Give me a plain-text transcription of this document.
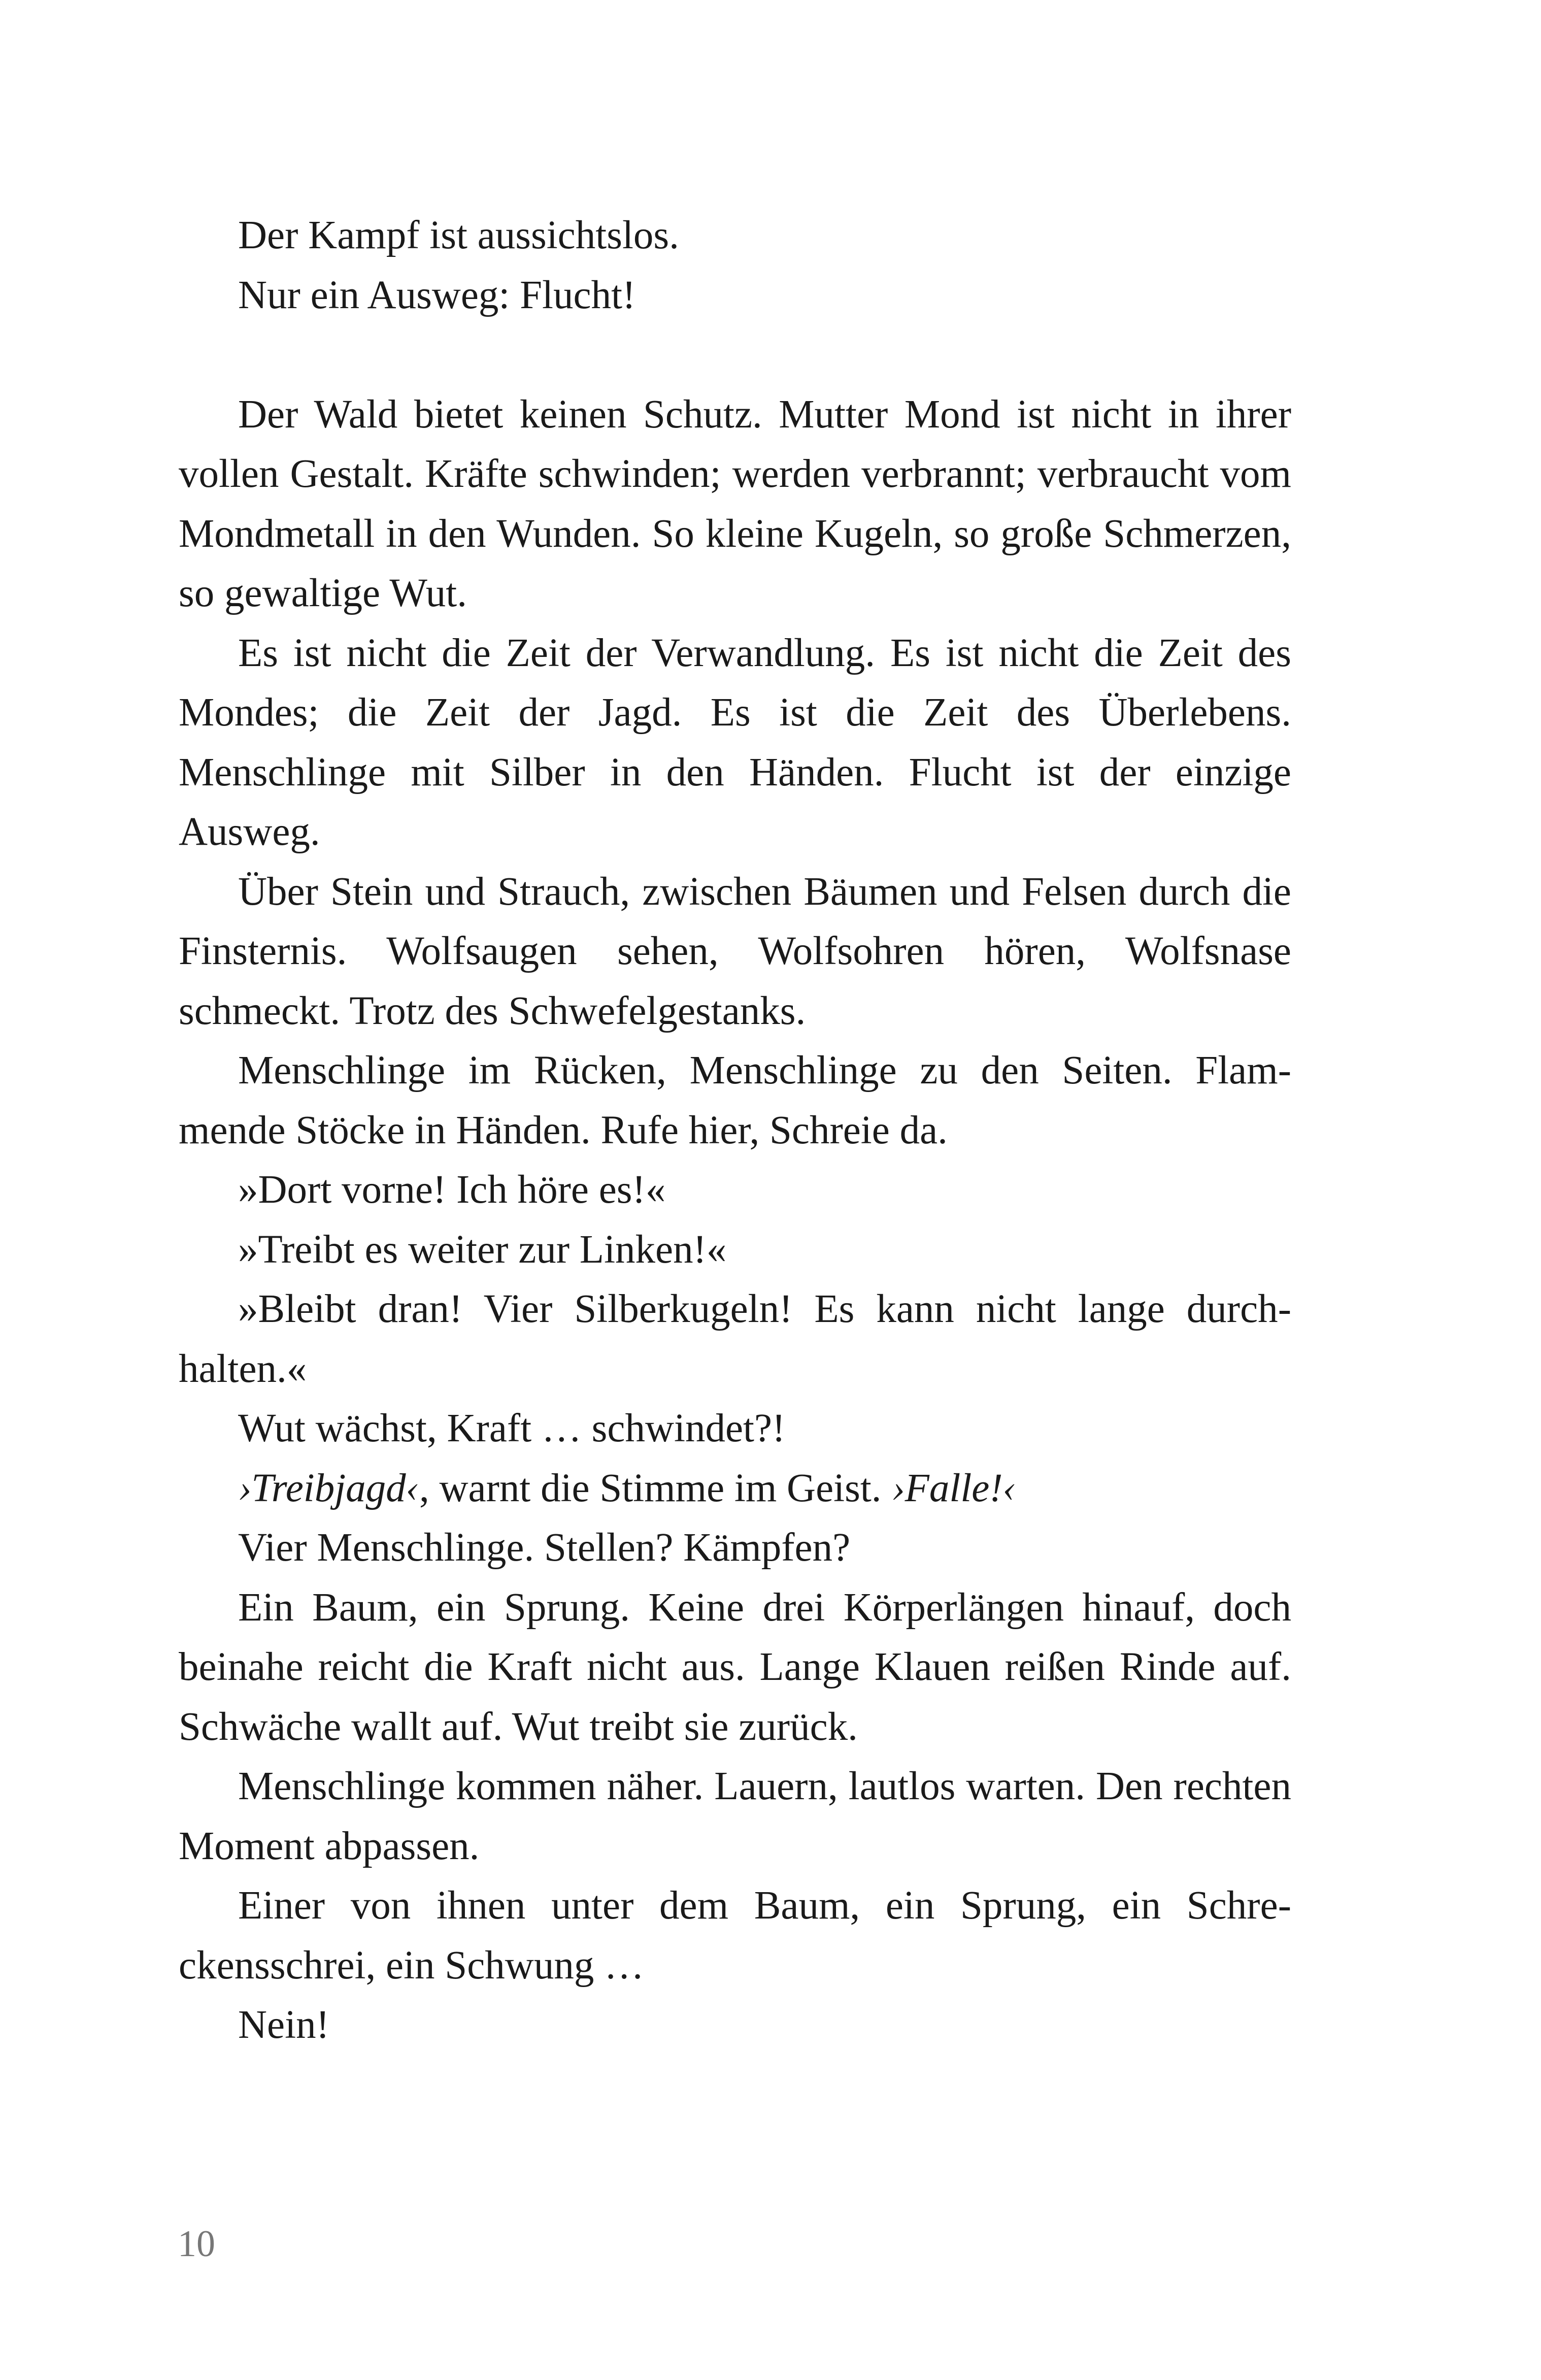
Der Kampf ist aussichtslos.

Nur ein Ausweg: Flucht!

Der Wald bietet keinen Schutz. Mutter Mond ist nicht in ihrer vollen Gestalt. Kräfte schwinden; werden verbrannt; verbraucht vom Mondmetall in den Wunden. So kleine Kugeln, so große Schmerzen, so gewaltige Wut.

Es ist nicht die Zeit der Verwandlung. Es ist nicht die Zeit des Mondes; die Zeit der Jagd. Es ist die Zeit des Überlebens. Menschlinge mit Silber in den Händen. Flucht ist der einzige Ausweg.

Über Stein und Strauch, zwischen Bäumen und Felsen durch die Finsternis. Wolfsaugen sehen, Wolfsohren hören, Wolfsnase schmeckt. Trotz des Schwefelgestanks.

Menschlinge im Rücken, Menschlinge zu den Seiten. Flammende Stöcke in Händen. Rufe hier, Schreie da.

»Dort vorne! Ich höre es!«

»Treibt es weiter zur Linken!«

»Bleibt dran! Vier Silberkugeln! Es kann nicht lange durchhalten.«

Wut wächst, Kraft … schwindet?!

›Treibjagd‹, warnt die Stimme im Geist. ›Falle!‹

Vier Menschlinge. Stellen? Kämpfen?

Ein Baum, ein Sprung. Keine drei Körperlängen hinauf, doch beinahe reicht die Kraft nicht aus. Lange Klauen reißen Rinde auf. Schwäche wallt auf. Wut treibt sie zurück.

Menschlinge kommen näher. Lauern, lautlos warten. Den rechten Moment abpassen.

Einer von ihnen unter dem Baum, ein Sprung, ein Schreckensschrei, ein Schwung …

Nein!

10
